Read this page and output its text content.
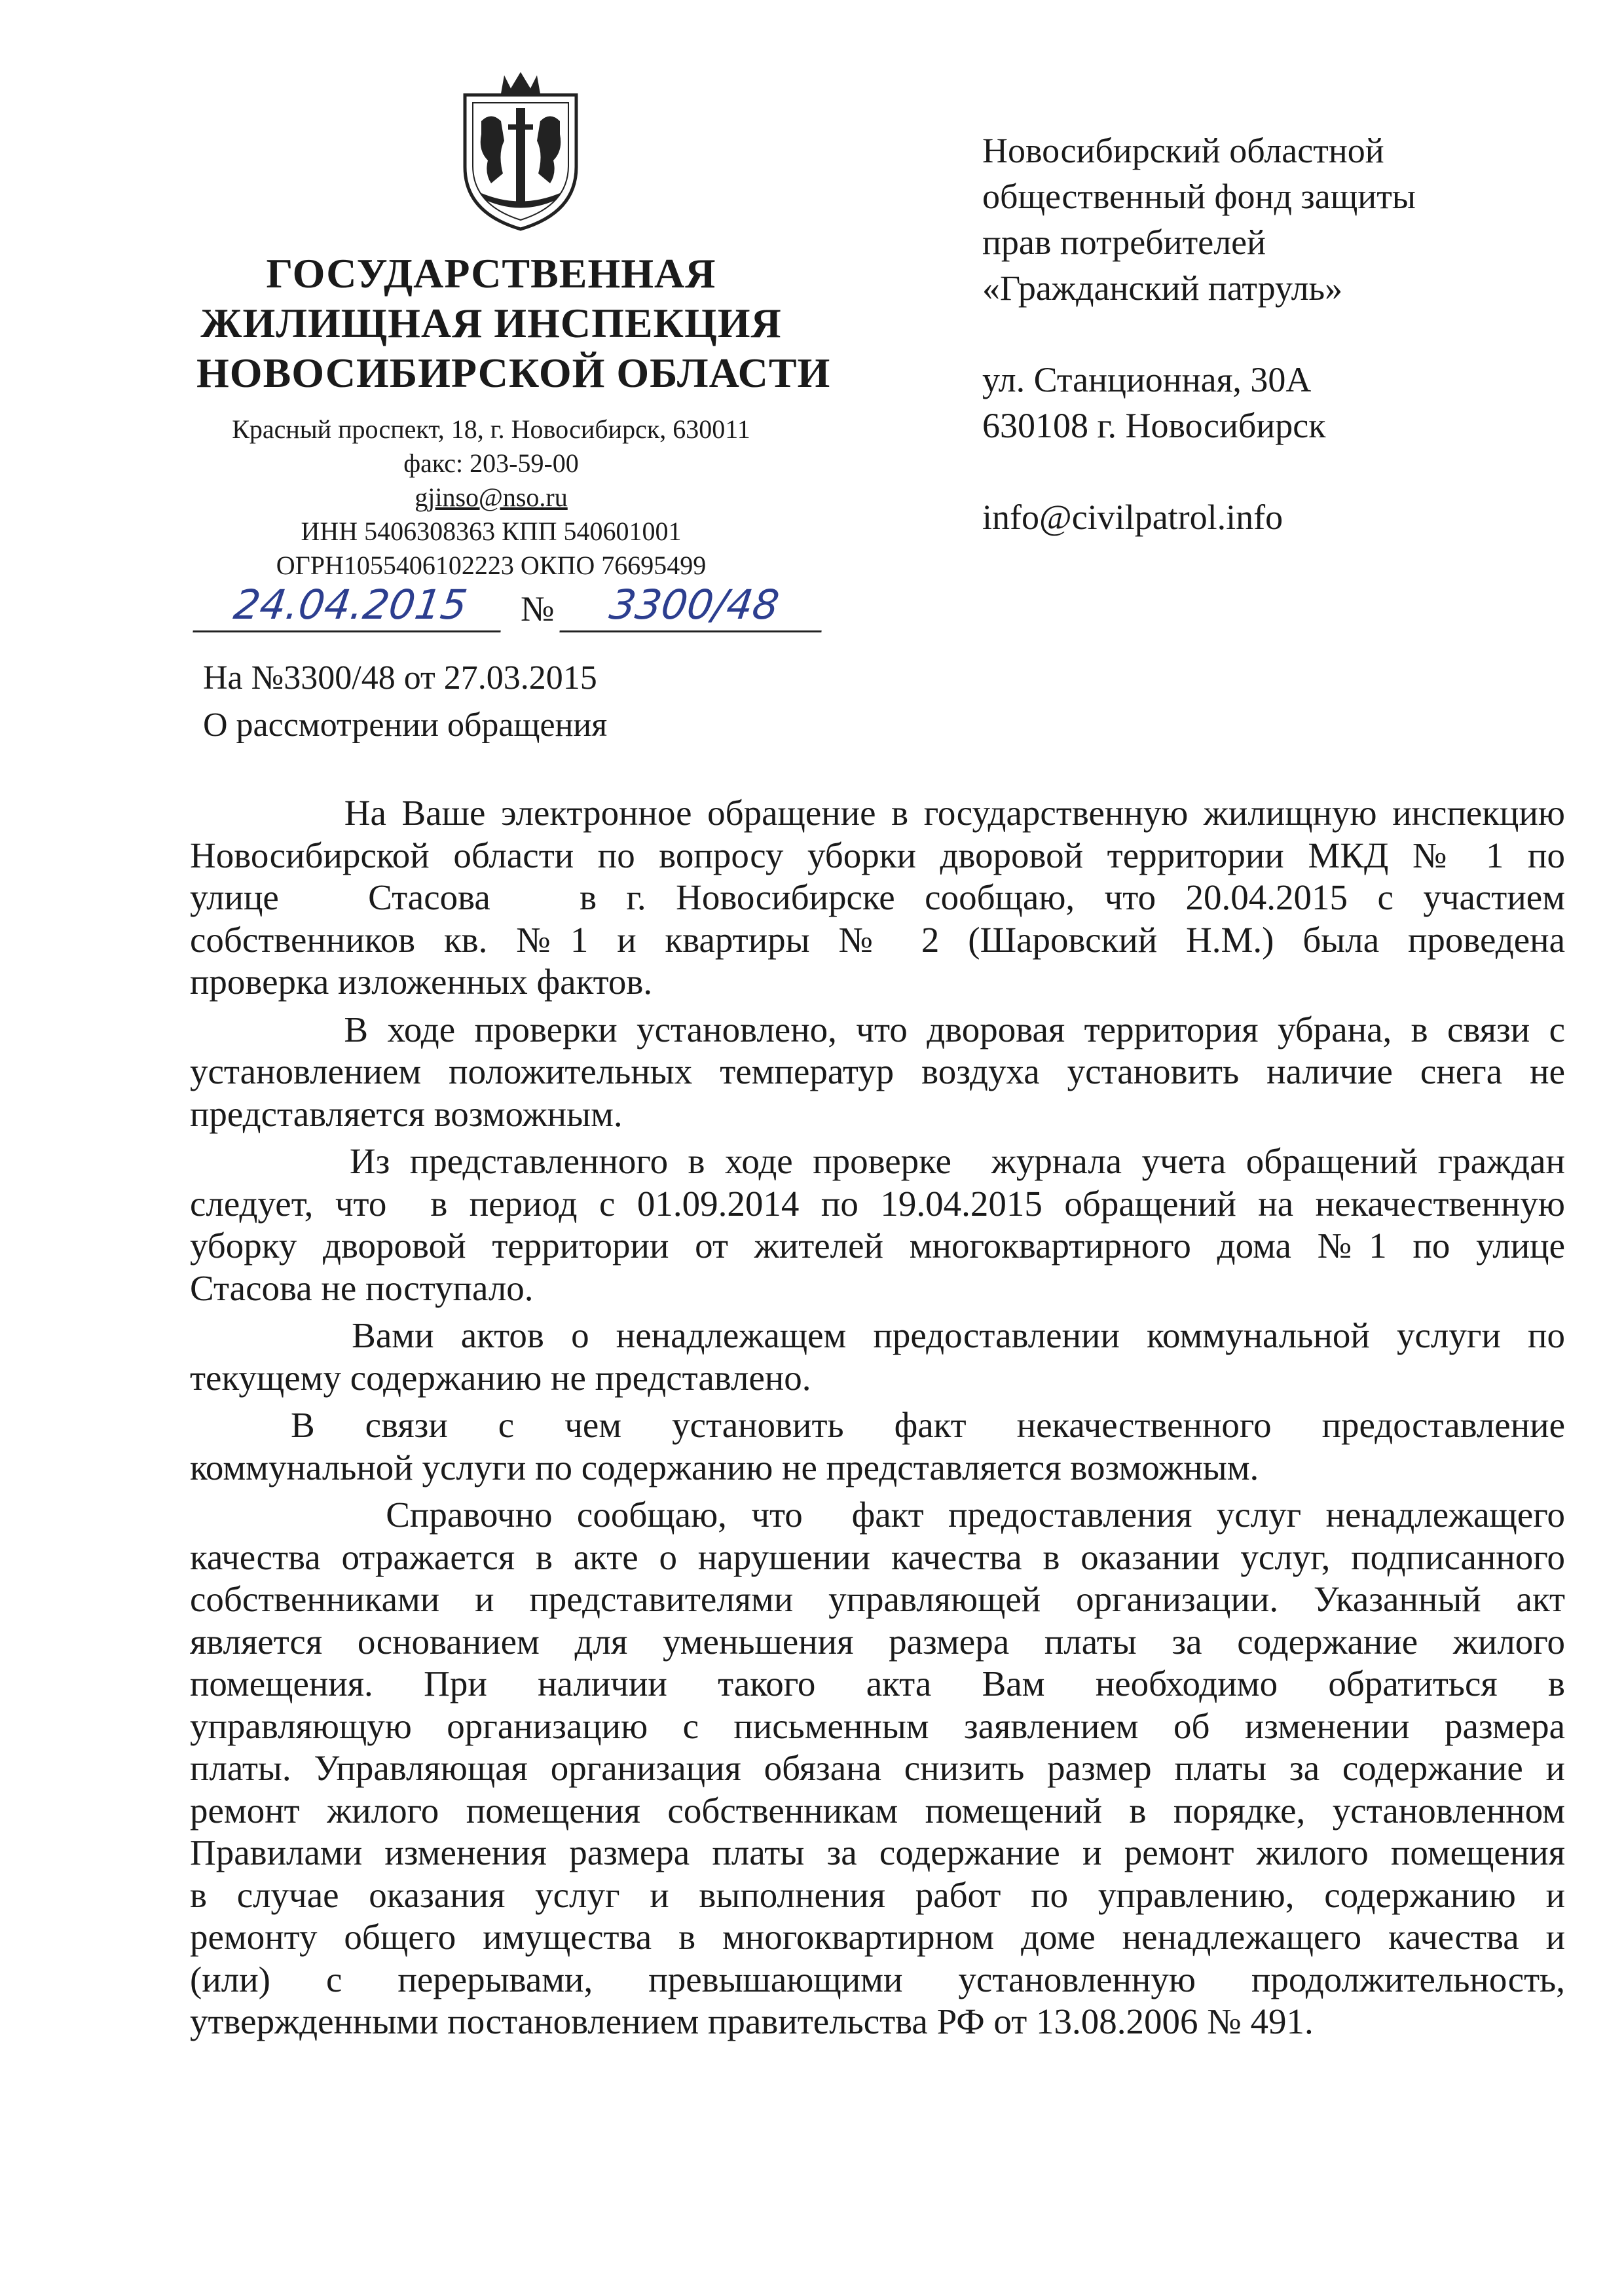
ГОСУДАРСТВЕННАЯ
ЖИЛИЩНАЯ ИНСПЕКЦИЯ
НОВОСИБИРСКОЙ ОБЛАСТИ
Красный проспект, 18, г. Новосибирск, 630011
факс: 203-59-00
gjinso@nso.ru
ИНН 5406308363 КПП 540601001
ОГРН1055406102223 ОКПО 76695499
24.04.2015	№	3300/48
На №3300/48 от 27.03.2015
О рассмотрении обращения
Новосибирский областной
общественный фонд защиты
прав потребителей
«Гражданский патруль»
ул. Станционная, 30А
630108 г. Новосибирск
info@civilpatrol.info
На Ваше электронное обращение в государственную жилищную инспекцию
Новосибирской области по вопросу уборки дворовой территории МКД № 1 по
улице   Стасова   в г. Новосибирске сообщаю, что 20.04.2015 с участием
собственников кв. №1 и квартиры № 2 (Шаровский Н.М.) была проведена
проверка изложенных фактов.
В ходе проверки установлено, что дворовая территория убрана, в связи с
установлением положительных температур воздуха установить наличие снега не
представляется возможным.
Из представленного в ходе проверке  журнала учета обращений граждан
следует, что  в период с 01.09.2014 по 19.04.2015 обращений на некачественную
уборку дворовой территории от жителей многоквартирного дома №1 по улице
Стасова не поступало.
Вами актов о ненадлежащем предоставлении коммунальной услуги по
текущему содержанию не представлено.
В   связи   с   чем   установить   факт   некачественного   предоставление
коммунальной услуги по содержанию не представляется возможным.
Справочно сообщаю, что  факт предоставления услуг ненадлежащего
качества отражается в акте о нарушении качества в оказании услуг, подписанного
собственниками и представителями управляющей организации. Указанный акт
является основанием для уменьшения размера платы за содержание жилого
помещения.  При  наличии  такого  акта  Вам  необходимо  обратиться  в
управляющую организацию с письменным заявлением об изменении размера
платы. Управляющая организация обязана снизить размер платы за содержание и
ремонт жилого помещения собственникам помещений в порядке, установленном
Правилами изменения размера платы за содержание и ремонт жилого помещения
в случае оказания услуг и выполнения работ по управлению, содержанию и
ремонту общего имущества в многоквартирном доме ненадлежащего качества и
(или)  с  перерывами,  превышающими  установленную  продолжительность,
утвержденными постановлением правительства РФ от 13.08.2006 № 491.
